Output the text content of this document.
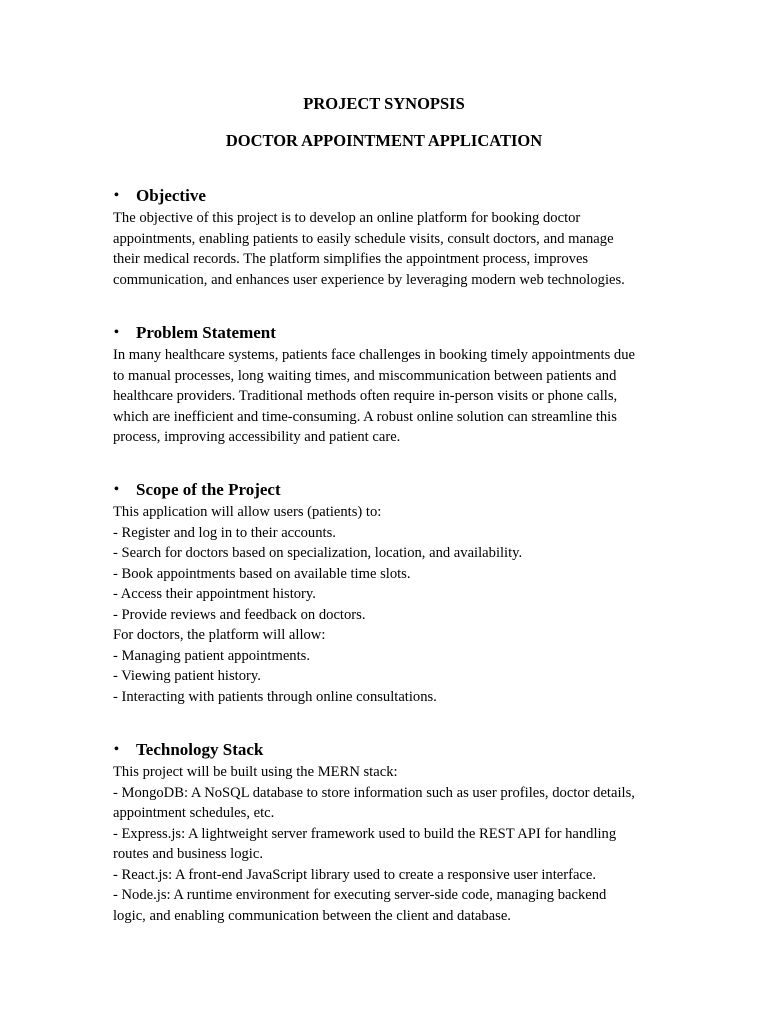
PROJECT SYNOPSIS
DOCTOR APPOINTMENT APPLICATION
•	Objective
The objective of this project is to develop an online platform for booking doctor
appointments, enabling patients to easily schedule visits, consult doctors, and manage
their medical records. The platform simplifies the appointment process, improves
communication, and enhances user experience by leveraging modern web technologies.
•	Problem Statement
In many healthcare systems, patients face challenges in booking timely appointments due
to manual processes, long waiting times, and miscommunication between patients and
healthcare providers. Traditional methods often require in-person visits or phone calls,
which are inefficient and time-consuming. A robust online solution can streamline this
process, improving accessibility and patient care.
•	Scope of the Project
This application will allow users (patients) to:
- Register and log in to their accounts.
- Search for doctors based on specialization, location, and availability.
- Book appointments based on available time slots.
- Access their appointment history.
- Provide reviews and feedback on doctors.
For doctors, the platform will allow:
- Managing patient appointments.
- Viewing patient history.
- Interacting with patients through online consultations.
•	Technology Stack
This project will be built using the MERN stack:
- MongoDB: A NoSQL database to store information such as user profiles, doctor details,
appointment schedules, etc.
- Express.js: A lightweight server framework used to build the REST API for handling
routes and business logic.
- React.js: A front-end JavaScript library used to create a responsive user interface.
- Node.js: A runtime environment for executing server-side code, managing backend
logic, and enabling communication between the client and database.
